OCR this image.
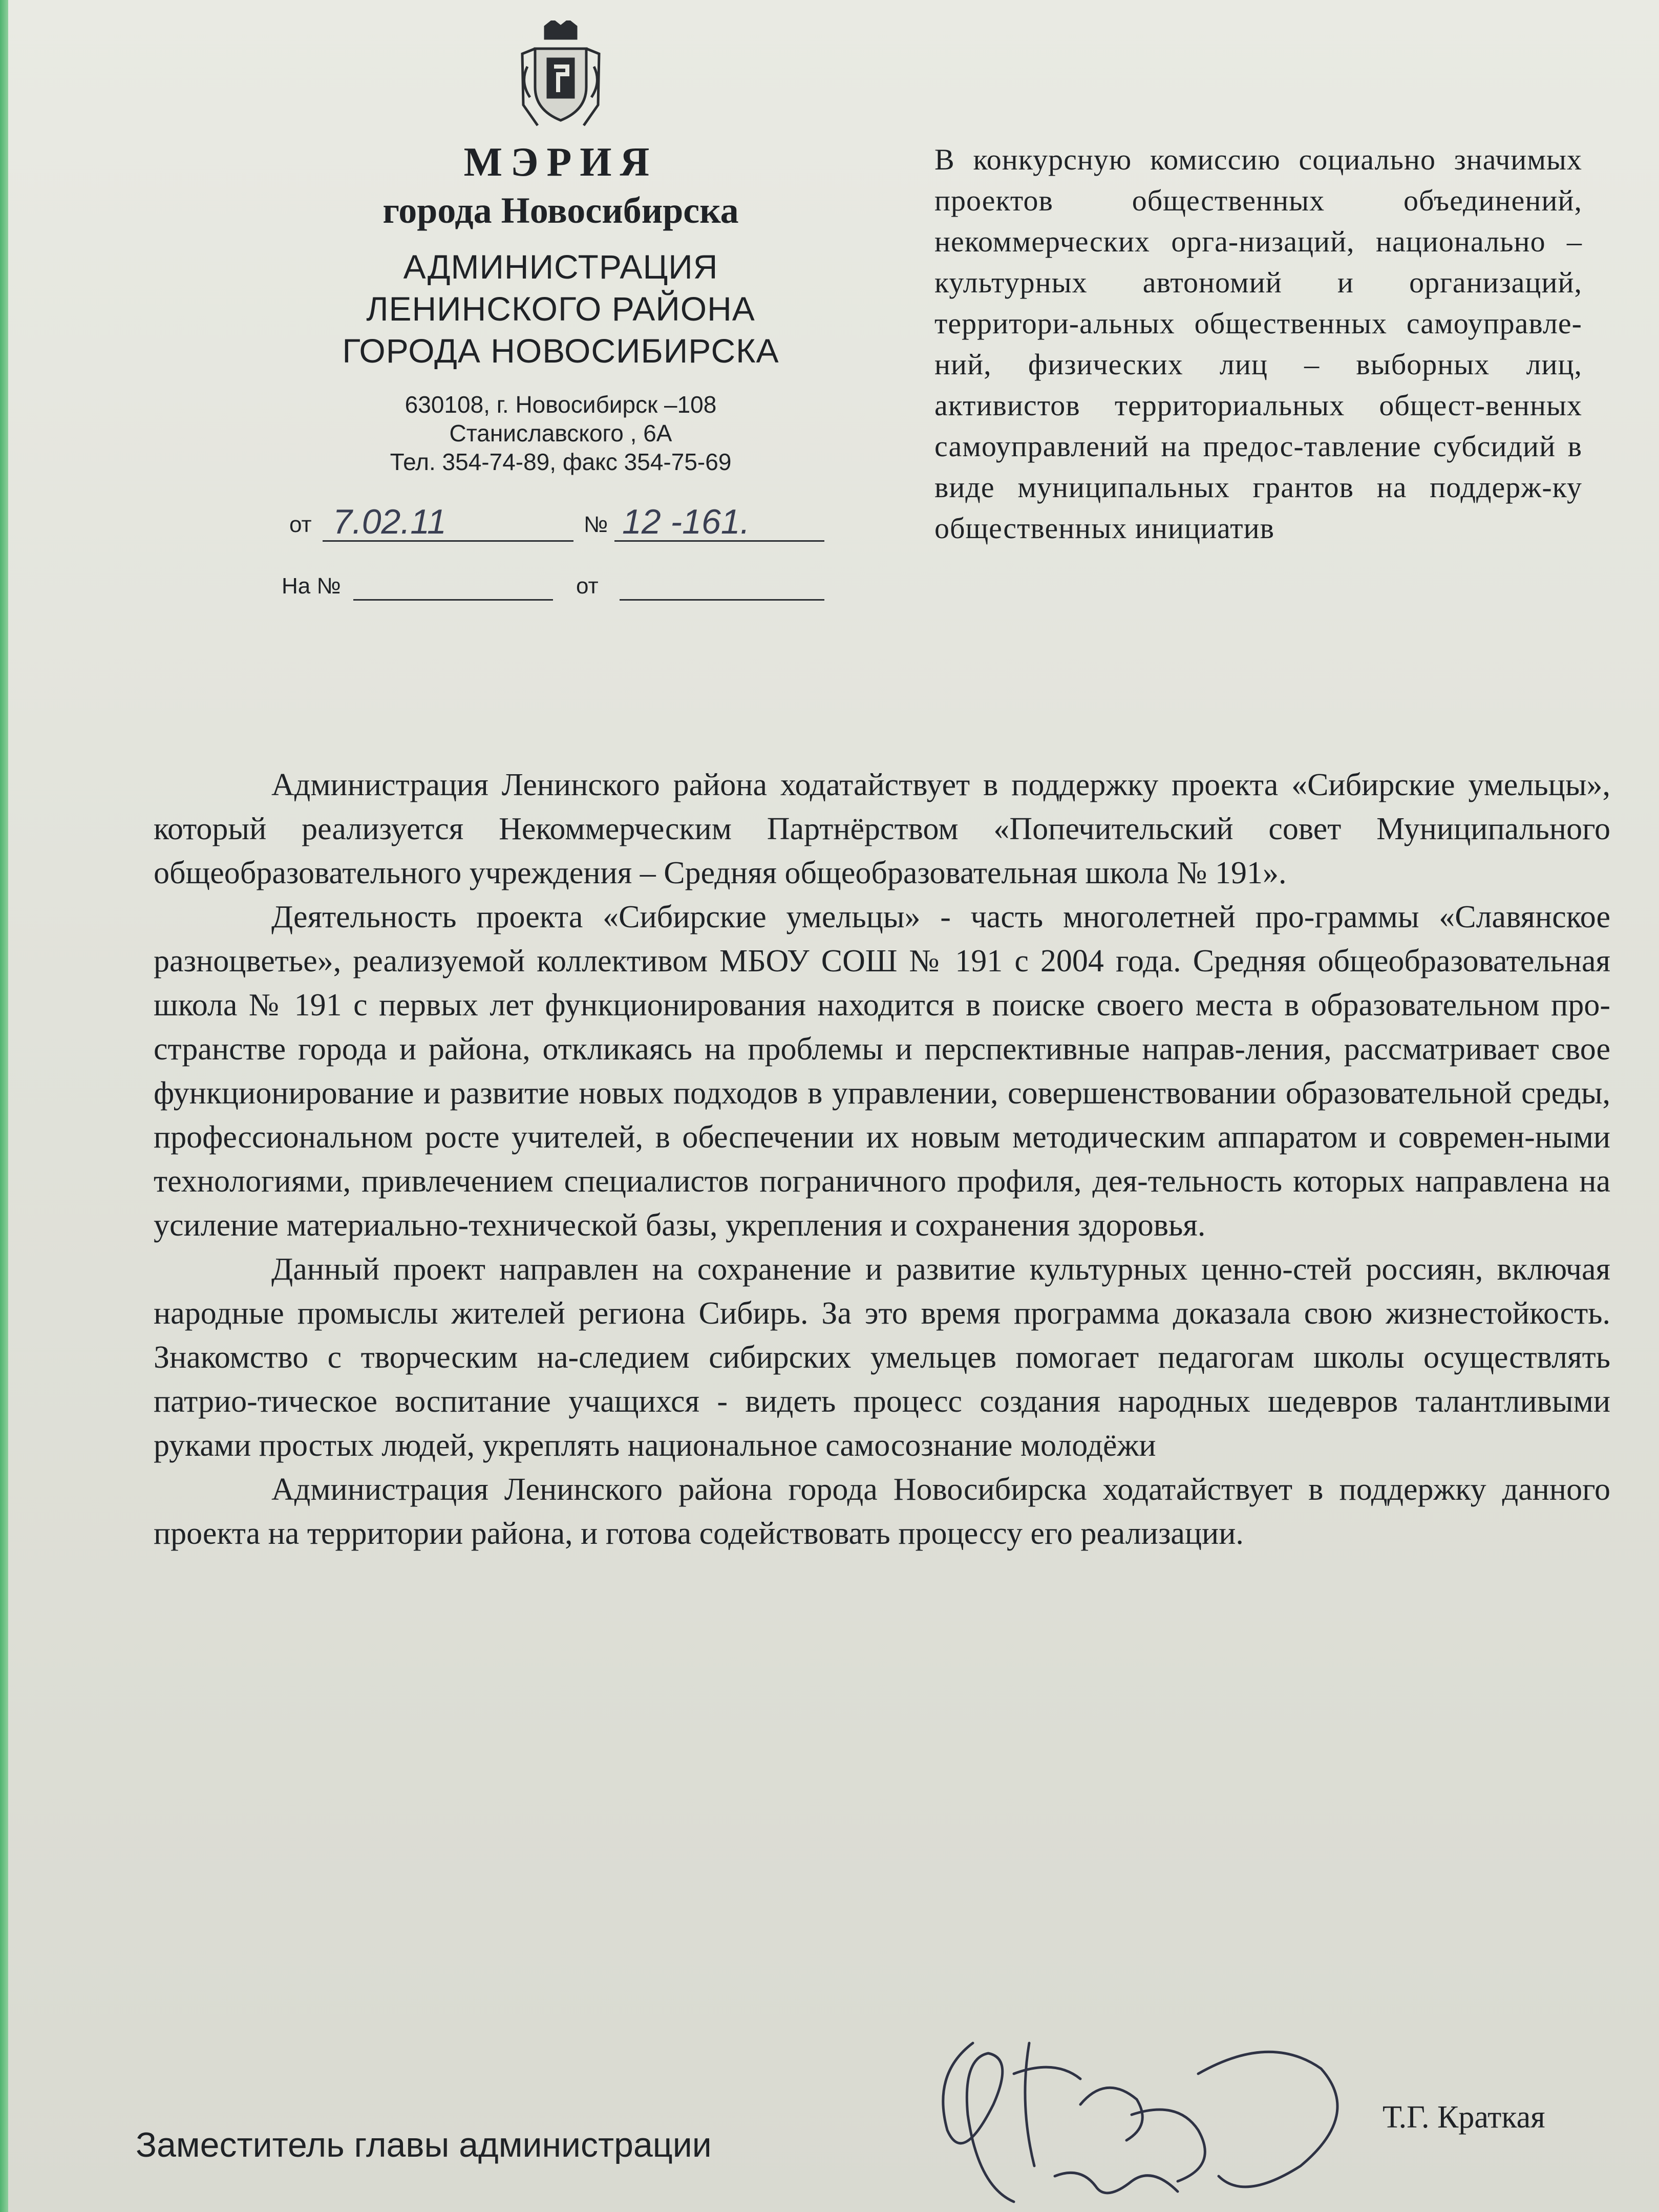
МЭРИЯ
города Новосибирска
АДМИНИСТРАЦИЯ
ЛЕНИНСКОГО РАЙОНА
ГОРОДА НОВОСИБИРСКА
630108, г. Новосибирск –108
Станиславского , 6А
Тел. 354-74-89, факс 354-75-69
от 7.02.11	№ 12 -161.
На №	от
В конкурсную комиссию социально значимых проектов общественных объединений, некоммерческих орга-низаций, национально – культурных автономий и организаций, территори-альных общественных самоуправле-ний, физических лиц – выборных лиц, активистов территориальных общест-венных самоуправлений на предос-тавление субсидий в виде муниципальных грантов на поддерж-ку общественных инициатив

Администрация Ленинского района ходатайствует в поддержку проекта «Сибирские умельцы», который реализуется Некоммерческим Партнёрством «Попечительский совет Муниципального общеобразовательного учреждения – Средняя общеобразовательная школа № 191».

Деятельность проекта «Сибирские умельцы» - часть многолетней про-граммы «Славянское разноцветье», реализуемой коллективом МБОУ СОШ № 191 с 2004 года. Средняя общеобразовательная школа № 191 с первых лет функционирования находится в поиске своего места в образовательном про-странстве города и района, откликаясь на проблемы и перспективные направ-ления, рассматривает свое функционирование и развитие новых подходов в управлении, совершенствовании образовательной среды, профессиональном росте учителей, в обеспечении их новым методическим аппаратом и современ-ными технологиями, привлечением специалистов пограничного профиля, дея-тельность которых направлена на усиление материально-технической базы, укрепления и сохранения здоровья.

Данный проект направлен на сохранение и развитие культурных ценно-стей россиян, включая народные промыслы жителей региона Сибирь. За это время программа доказала свою жизнестойкость. Знакомство с творческим на-следием сибирских умельцев помогает педагогам школы осуществлять патрио-тическое воспитание учащихся - видеть процесс создания народных шедевров талантливыми руками простых людей, укреплять национальное самосознание молодёжи

Администрация Ленинского района города Новосибирска ходатайствует в поддержку данного проекта на территории района, и готова содействовать процессу его реализации.

Заместитель главы администрации
Т.Г. Краткая
